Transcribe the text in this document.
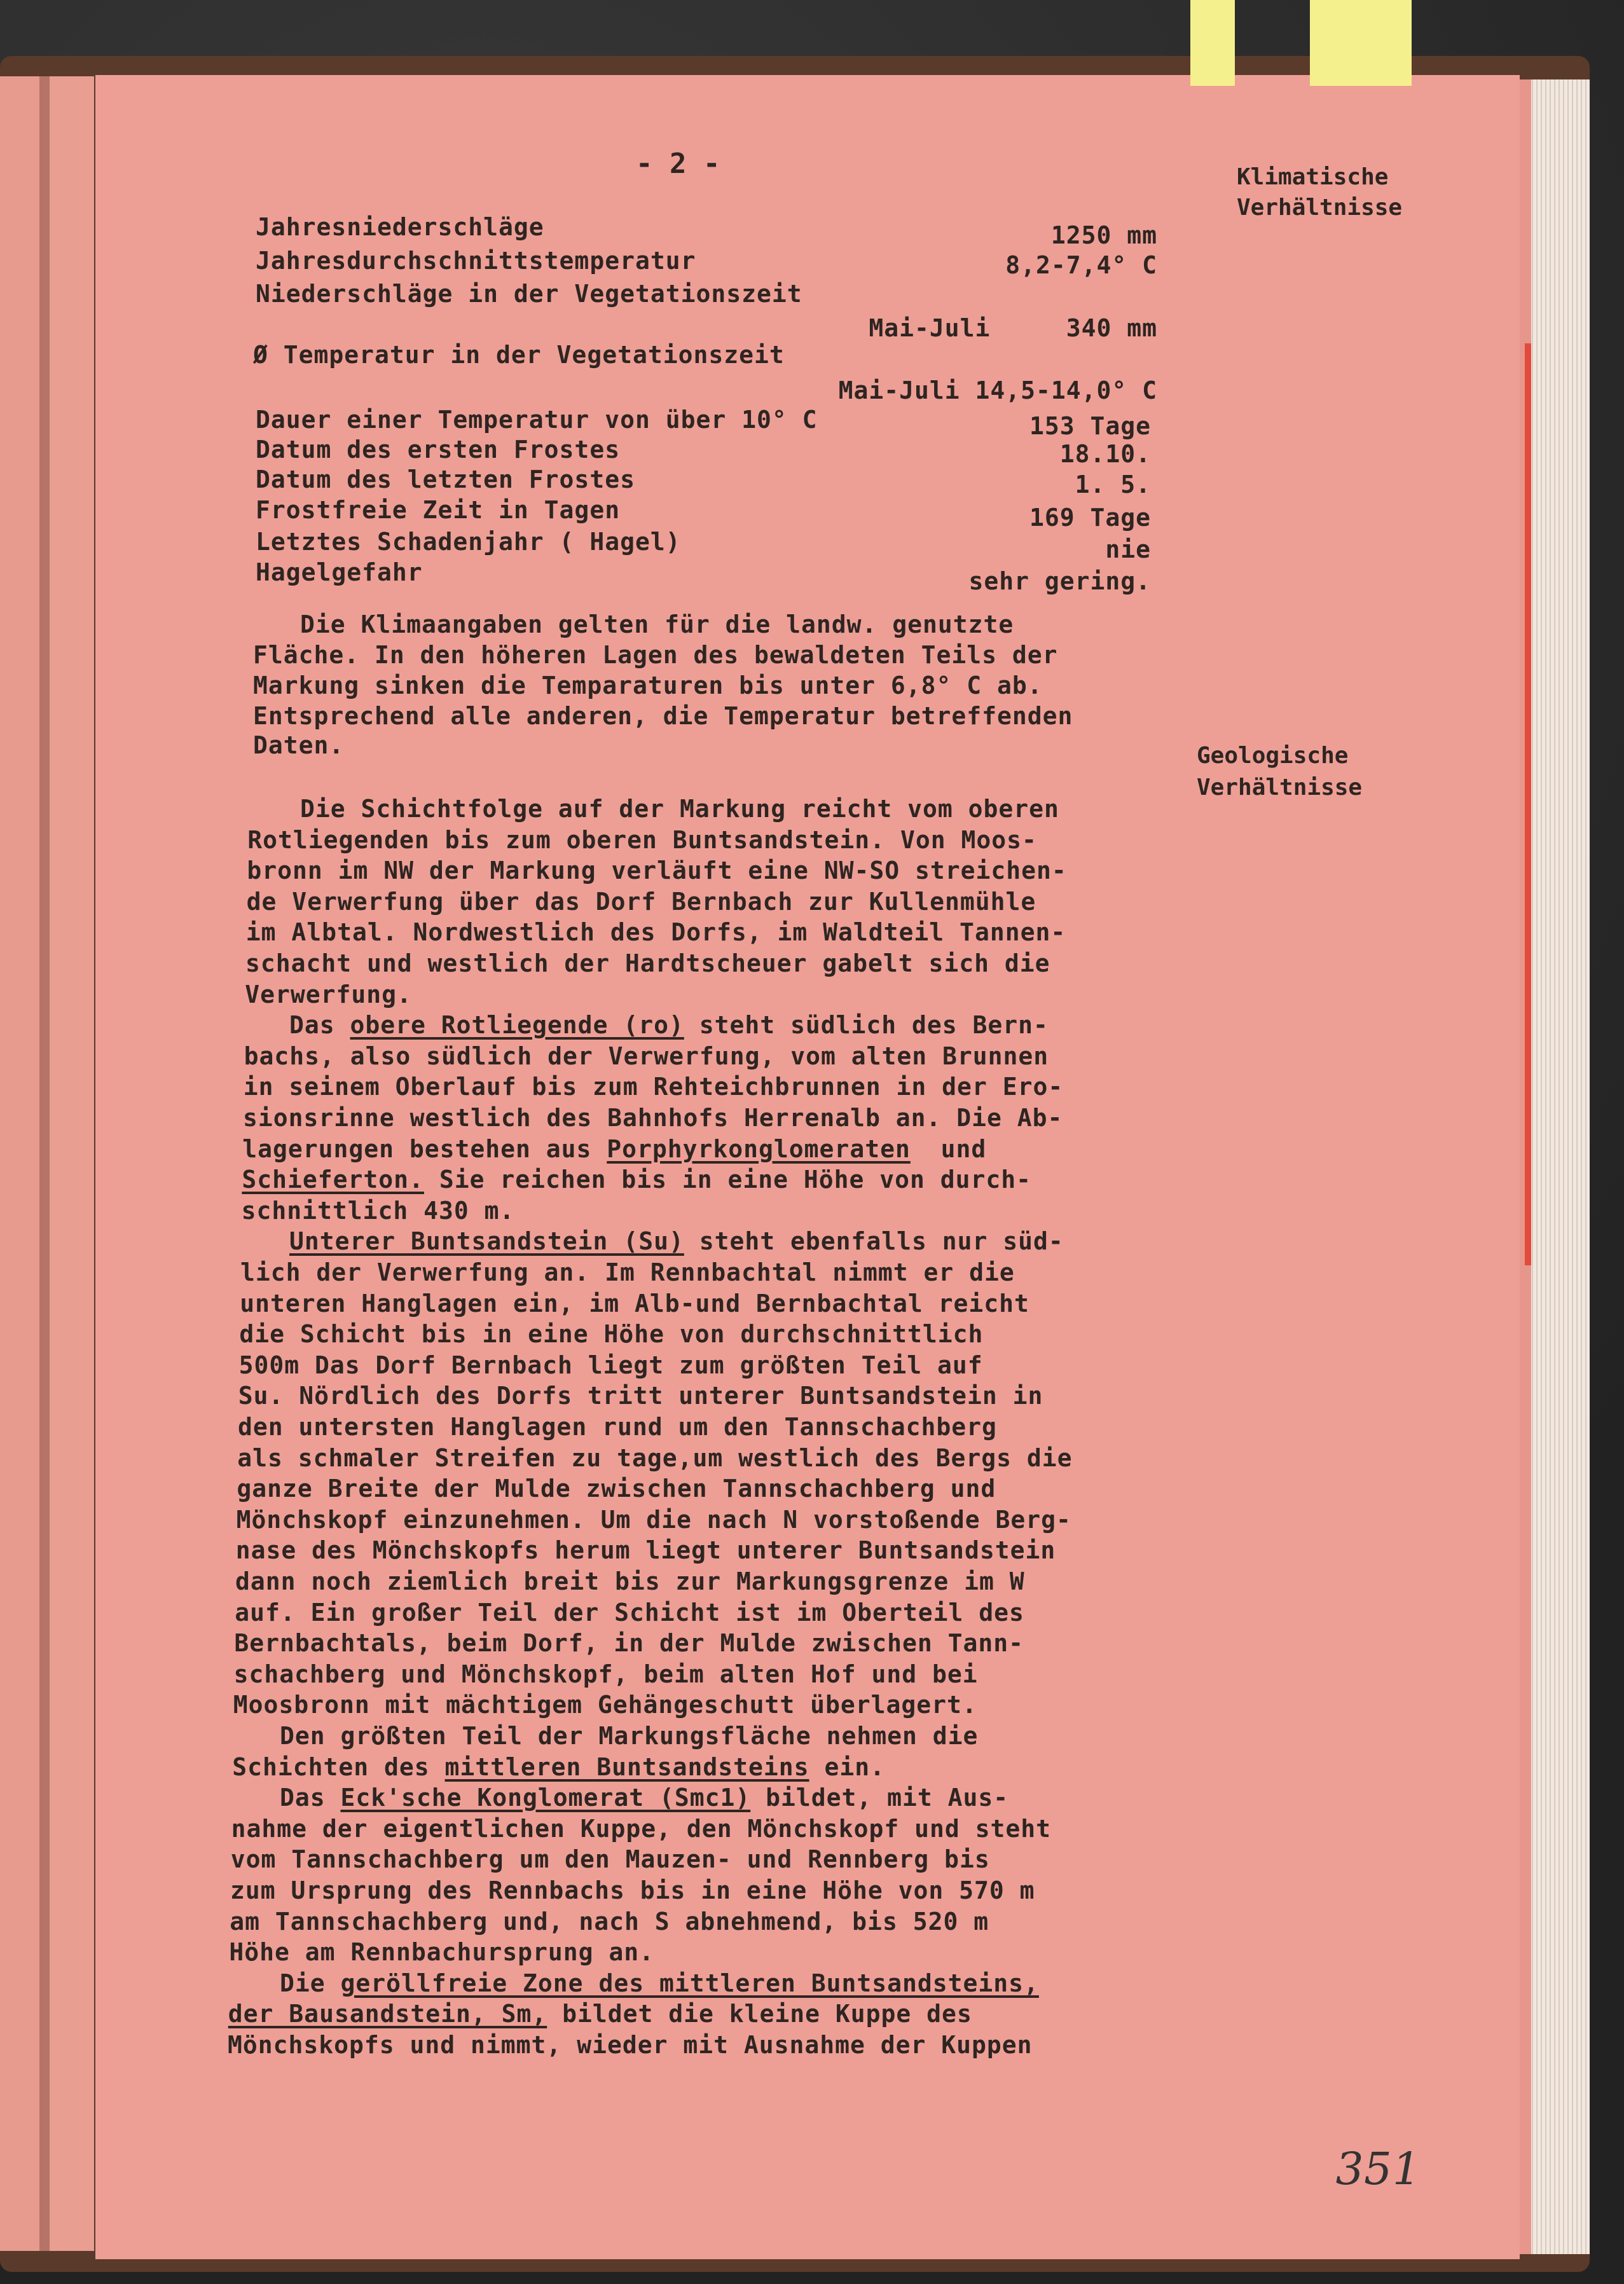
- 2 -	Klimatische
Verhältnisse
Geologische
Verhältnisse
Jahresniederschläge	1250 mm
Jahresdurchschnittstemperatur	8,2-7,4° C
Niederschläge in der Vegetationszeit
Mai-Juli     340 mm
Ø Temperatur in der Vegetationszeit
Mai-Juli 14,5-14,0° C
Dauer einer Temperatur von über 10° C	153 Tage
Datum des ersten Frostes	18.10.
Datum des letzten Frostes	1. 5.
Frostfreie Zeit in Tagen	169 Tage
Letztes Schadenjahr ( Hagel)	nie
Hagelgefahr	sehr gering.
Die Klimaangaben gelten für die landw. genutzte
Fläche. In den höheren Lagen des bewaldeten Teils der
Markung sinken die Temparaturen bis unter 6,8° C ab.
Entsprechend alle anderen, die Temperatur betreffenden
Daten.
Die Schichtfolge auf der Markung reicht vom oberen
Rotliegenden bis zum oberen Buntsandstein. Von Moos-
bronn im NW der Markung verläuft eine NW-SO streichen-
de Verwerfung über das Dorf Bernbach zur Kullenmühle
im Albtal. Nordwestlich des Dorfs, im Waldteil Tannen-
schacht und westlich der Hardtscheuer gabelt sich die
Verwerfung.
Das obere Rotliegende (ro) steht südlich des Bern-
bachs, also südlich der Verwerfung, vom alten Brunnen
in seinem Oberlauf bis zum Rehteichbrunnen in der Ero-
sionsrinne westlich des Bahnhofs Herrenalb an. Die Ab-
lagerungen bestehen aus Porphyrkonglomeraten  und
Schieferton. Sie reichen bis in eine Höhe von durch-
schnittlich 430 m.
Unterer Buntsandstein (Su) steht ebenfalls nur süd-
lich der Verwerfung an. Im Rennbachtal nimmt er die
unteren Hanglagen ein, im Alb-und Bernbachtal reicht
die Schicht bis in eine Höhe von durchschnittlich
500m Das Dorf Bernbach liegt zum größten Teil auf
Su. Nördlich des Dorfs tritt unterer Buntsandstein in
den untersten Hanglagen rund um den Tannschachberg
als schmaler Streifen zu tage,um westlich des Bergs die
ganze Breite der Mulde zwischen Tannschachberg und
Mönchskopf einzunehmen. Um die nach N vorstoßende Berg-
nase des Mönchskopfs herum liegt unterer Buntsandstein
dann noch ziemlich breit bis zur Markungsgrenze im W
auf. Ein großer Teil der Schicht ist im Oberteil des
Bernbachtals, beim Dorf, in der Mulde zwischen Tann-
schachberg und Mönchskopf, beim alten Hof und bei
Moosbronn mit mächtigem Gehängeschutt überlagert.
Den größten Teil der Markungsfläche nehmen die
Schichten des mittleren Buntsandsteins ein.
Das Eck'sche Konglomerat (Smc1) bildet, mit Aus-
nahme der eigentlichen Kuppe, den Mönchskopf und steht
vom Tannschachberg um den Mauzen- und Rennberg bis
zum Ursprung des Rennbachs bis in eine Höhe von 570 m
am Tannschachberg und, nach S abnehmend, bis 520 m
Höhe am Rennbachursprung an.
Die geröllfreie Zone des mittleren Buntsandsteins,
der Bausandstein, Sm, bildet die kleine Kuppe des
Mönchskopfs und nimmt, wieder mit Ausnahme der Kuppen
351
